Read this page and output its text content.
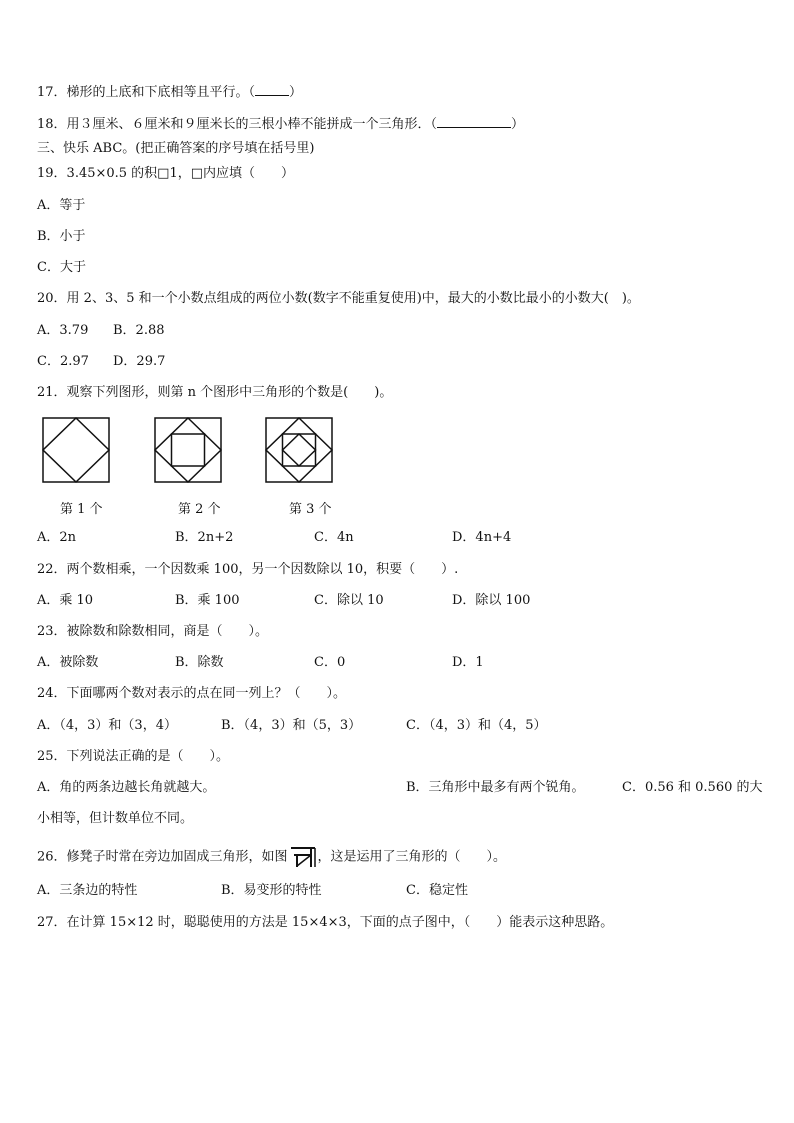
17．梯形的上底和下底相等且平行。（	）
18．用３厘米、６厘米和９厘米长的三根小棒不能拼成一个三角形．（	）
三、快乐 ABC。(把正确答案的序号填在括号里)
19．3.45×0.5 的积□1，□内应填（　　）
A．等于
B．小于
C．大于
20．用 2、3、5 和一个小数点组成的两位小数(数字不能重复使用)中，最大的小数比最小的小数大(　)。
A．3.79 B．2.88
C．2.97 D．29.7
21．观察下列图形，则第 n 个图形中三角形的个数是(　　)。
第 1 个	第 2 个	第 3 个
A．2n	B．2n+2	C．4n	D．4n+4
22．两个数相乘，一个因数乘 100，另一个因数除以 10，积要（　　）.
A．乘 10	B．乘 100	C．除以 10	D．除以 100
23．被除数和除数相同，商是（　　）。
A．被除数	B．除数	C．0	D．1
24．下面哪两个数对表示的点在同一列上？（　　）。
A．（4，3）和（3，4）	B．（4，3）和（5，3）	C．（4，3）和（4，5）
25．下列说法正确的是（　　）。
A．角的两条边越长角就越大。	B．三角形中最多有两个锐角。	C．0.56 和 0.560 的大
小相等，但计数单位不同。
26．修凳子时常在旁边加固成三角形，如图 ，这是运用了三角形的（　　）。
A．三条边的特性	B．易变形的特性	C．稳定性
27．在计算 15×12 时，聪聪使用的方法是 15×4×3，下面的点子图中，（　　）能表示这种思路。
